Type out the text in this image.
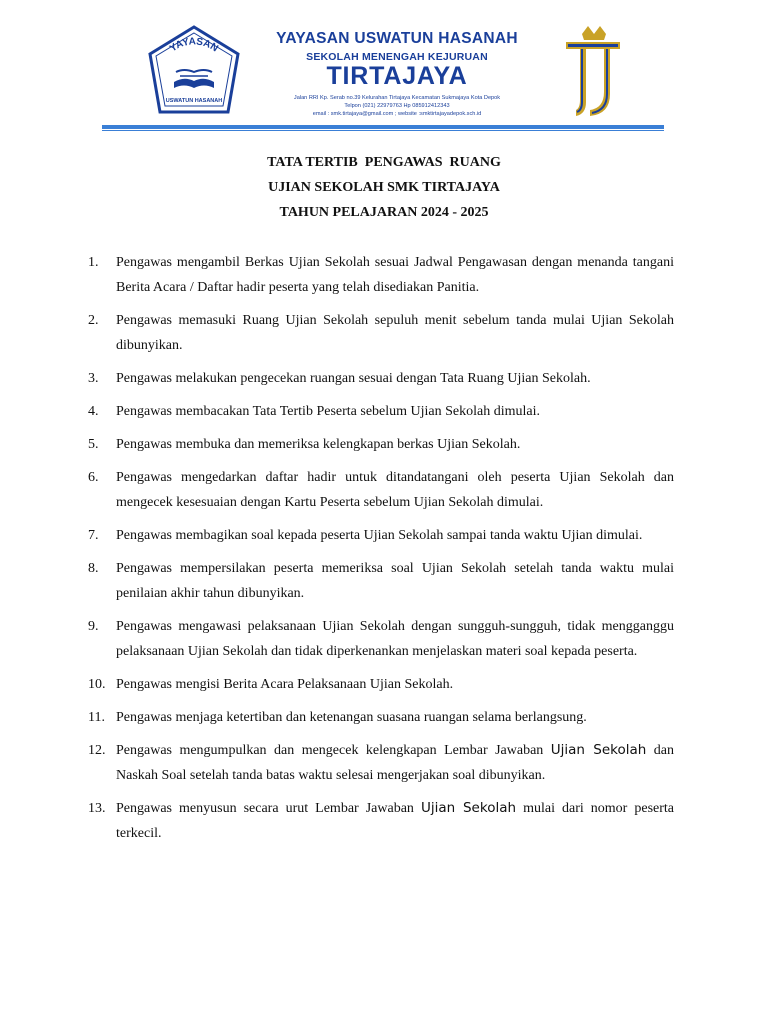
YAYASAN
USWATUN HASANAH
YAYASAN USWATUN HASANAH
SEKOLAH MENENGAH KEJURUAN
TIRTAJAYA
Jalan RRI Kp. Serab no.39 Kelurahan Tirtajaya Kecamatan Sukmajaya Kota Depok
Telpon (021) 22979763 Hp 085912412343
email : smk.tirtajaya@gmail.com ; website :smktirtajayadepok.sch.id
TATA TERTIB  PENGAWAS  RUANG
UJIAN SEKOLAH SMK TIRTAJAYA
TAHUN PELAJARAN 2024 - 2025
1.	Pengawas mengambil Berkas Ujian Sekolah sesuai Jadwal Pengawasan dengan menanda tangani Berita Acara / Daftar hadir peserta yang telah disediakan Panitia.
2.	Pengawas memasuki Ruang Ujian Sekolah sepuluh menit sebelum tanda mulai Ujian Sekolah dibunyikan.
3.	Pengawas melakukan pengecekan ruangan sesuai dengan Tata Ruang Ujian Sekolah.
4.	Pengawas membacakan Tata Tertib Peserta sebelum Ujian Sekolah dimulai.
5.	Pengawas membuka dan memeriksa kelengkapan berkas Ujian Sekolah.
6.	Pengawas mengedarkan daftar hadir untuk ditandatangani oleh peserta Ujian Sekolah dan mengecek kesesuaian dengan Kartu Peserta sebelum Ujian Sekolah dimulai.
7.	Pengawas membagikan soal kepada peserta Ujian Sekolah sampai tanda waktu Ujian dimulai.
8.	Pengawas mempersilakan peserta memeriksa soal Ujian Sekolah setelah tanda waktu mulai penilaian akhir tahun dibunyikan.
9.	Pengawas mengawasi pelaksanaan Ujian Sekolah dengan sungguh-sungguh, tidak mengganggu pelaksanaan Ujian Sekolah dan tidak diperkenankan menjelaskan materi soal kepada peserta.
10. Pengawas mengisi Berita Acara Pelaksanaan Ujian Sekolah.
11. Pengawas menjaga ketertiban dan ketenangan suasana ruangan selama berlangsung.
12. Pengawas mengumpulkan dan mengecek kelengkapan Lembar Jawaban Ujian Sekolah dan Naskah Soal setelah tanda batas waktu selesai mengerjakan soal dibunyikan.
13. Pengawas menyusun secara urut Lembar Jawaban Ujian Sekolah mulai dari nomor peserta terkecil.
